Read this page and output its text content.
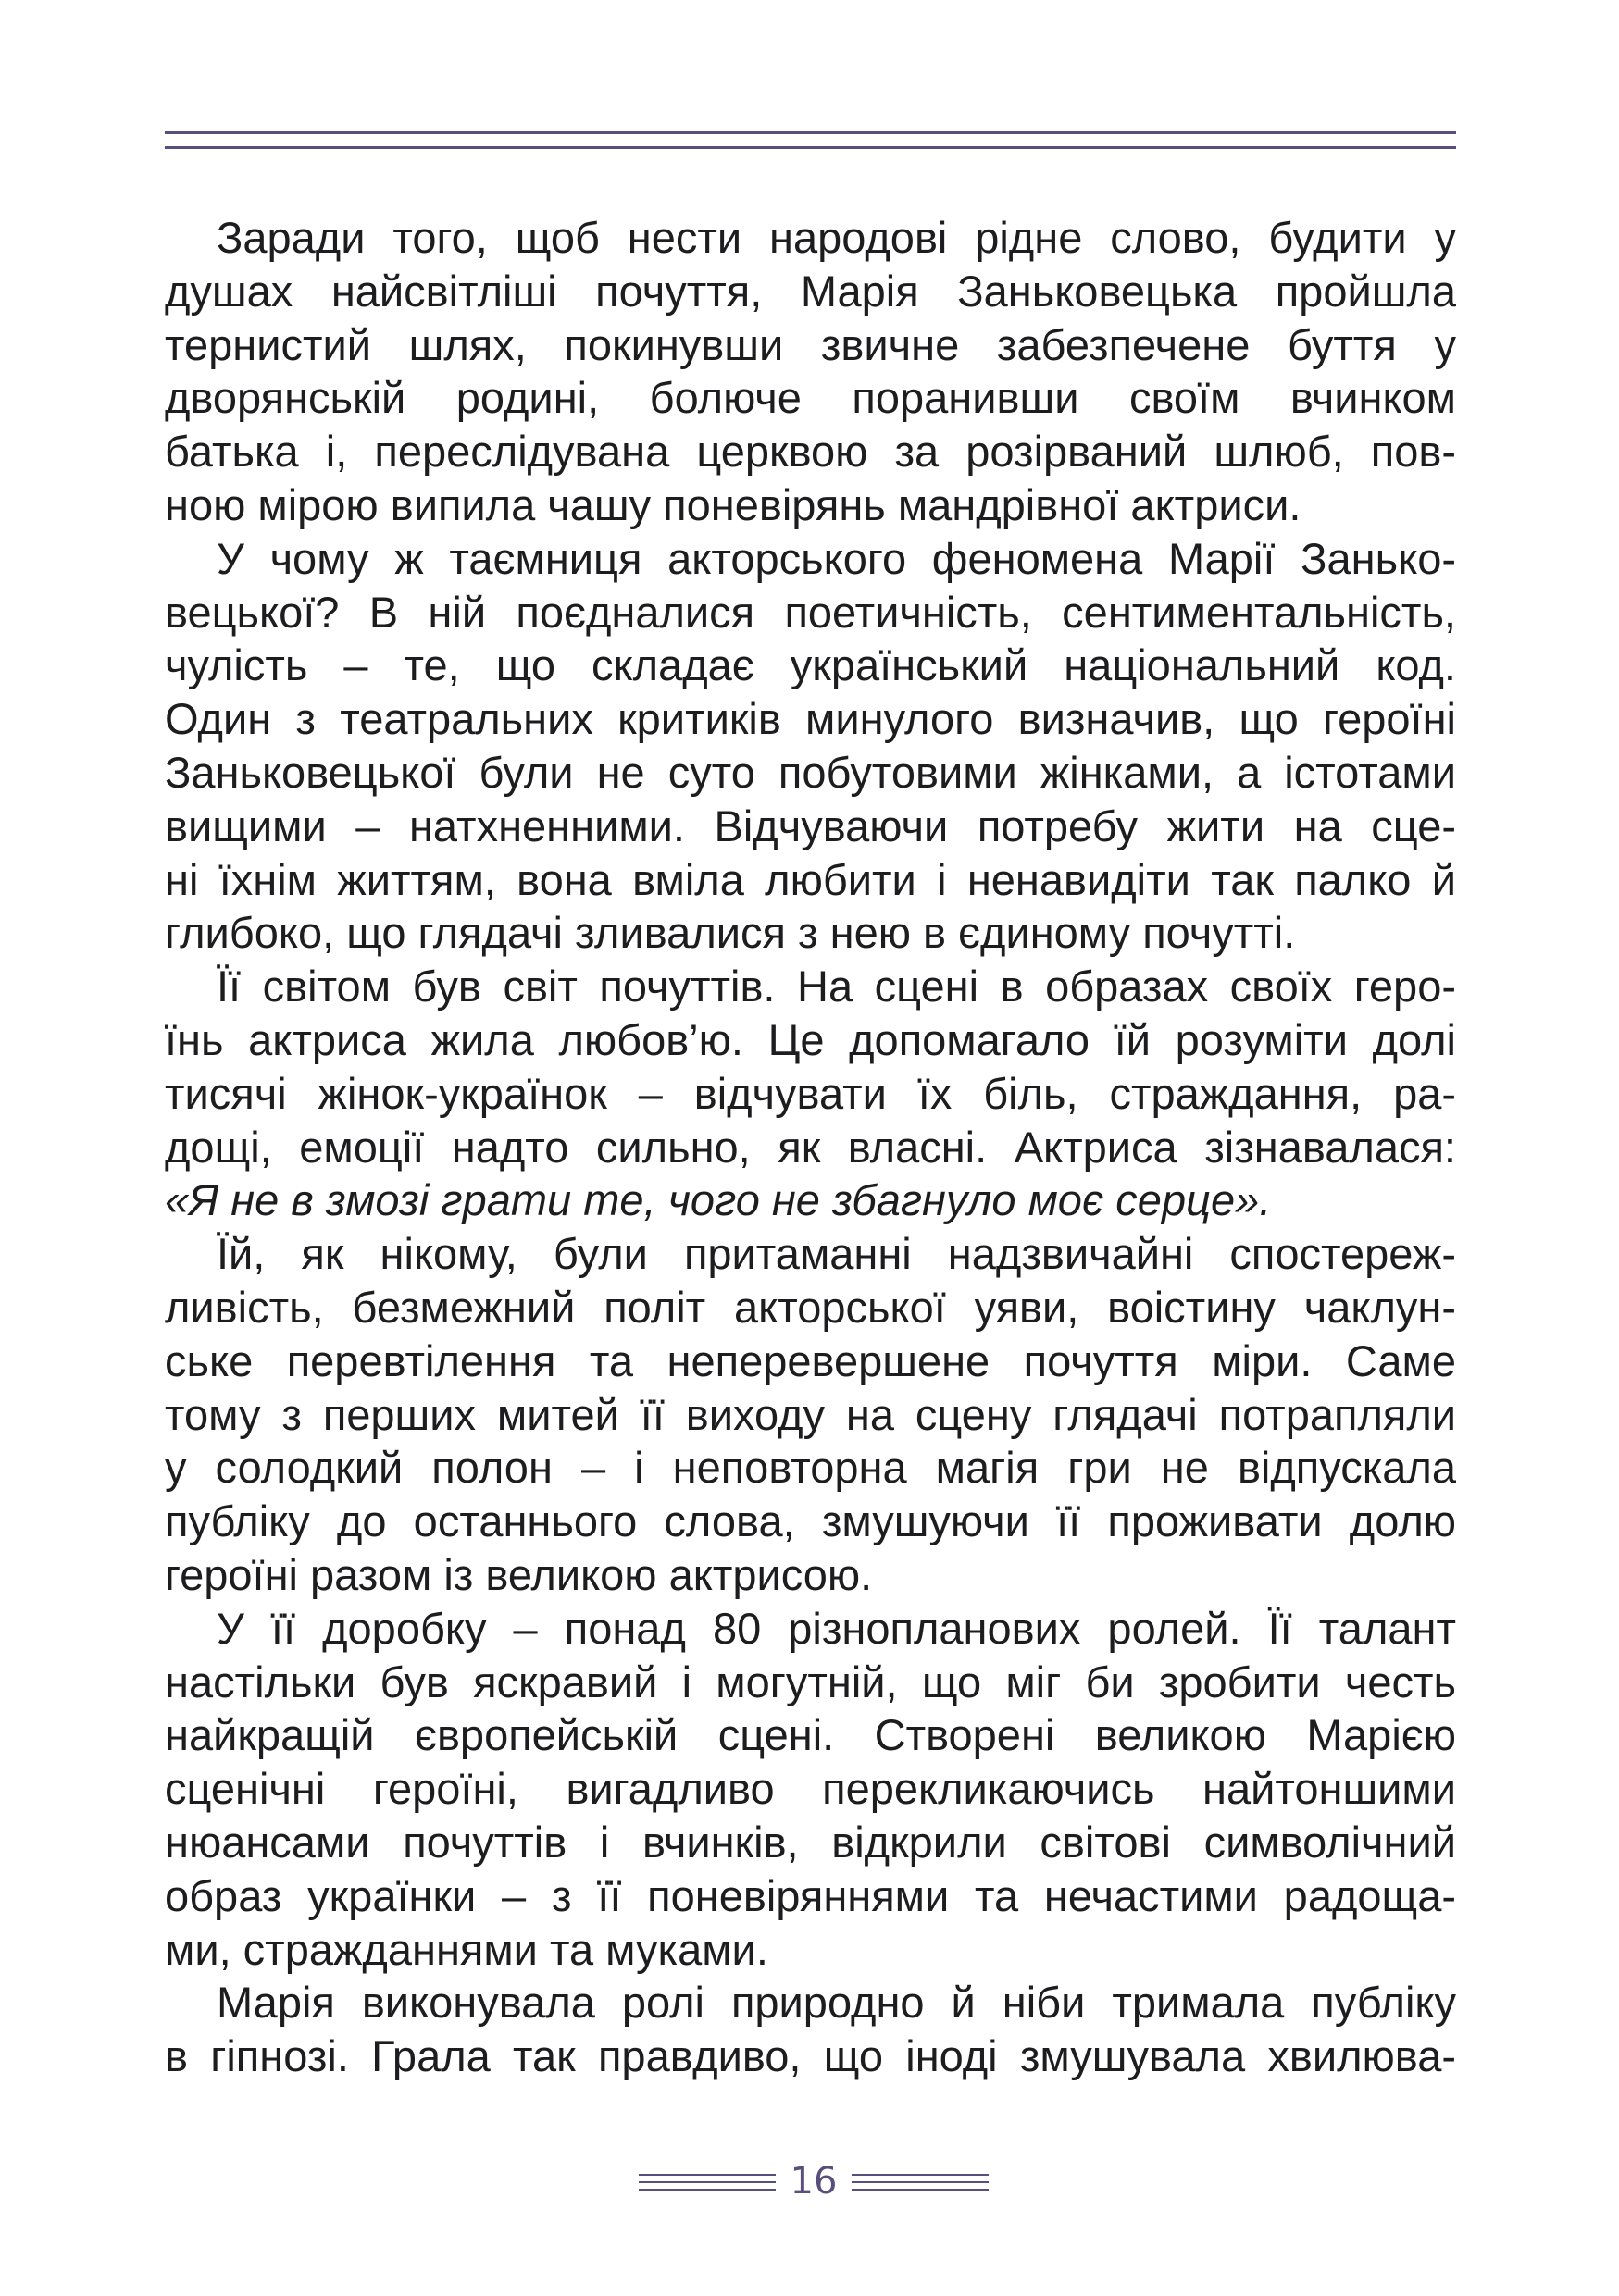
Заради того, щоб нести народові рідне слово, будити у
душах найсвітліші почуття, Марія Заньковецька пройшла
тернистий шлях, покинувши звичне забезпечене буття у
дворянській родині, болюче поранивши своїм вчинком
батька і, переслідувана церквою за розірваний шлюб, пов-
ною мірою випила чашу поневірянь мандрівної актриси.
У чому ж таємниця акторського феномена Марії Занько-
вецької? В ній поєдналися поетичність, сентиментальність,
чулість – те, що складає український національний код.
Один з театральних критиків минулого визначив, що героїні
Заньковецької були не суто побутовими жінками, а істотами
вищими – натхненними. Відчуваючи потребу жити на сце-
ні їхнім життям, вона вміла любити і ненавидіти так палко й
глибоко, що глядачі зливалися з нею в єдиному почутті.
Її світом був світ почуттів. На сцені в образах своїх геро-
їнь актриса жила любов’ю. Це допомагало їй розуміти долі
тисячі жінок-українок – відчувати їх біль, страждання, ра-
дощі, емоції надто сильно, як власні. Актриса зізнавалася:
«Я не в змозі грати те, чого не збагнуло моє серце».
Їй, як нікому, були притаманні надзвичайні спостереж-
ливість, безмежний політ акторської уяви, воістину чаклун-
ське перевтілення та неперевершене почуття міри. Саме
тому з перших митей її виходу на сцену глядачі потрапляли
у солодкий полон – і неповторна магія гри не відпускала
публіку до останнього слова, змушуючи її проживати долю
героїні разом із великою актрисою.
У її доробку – понад 80 різнопланових ролей. Її талант
настільки був яскравий і могутній, що міг би зробити честь
найкращій європейській сцені. Створені великою Марією
сценічні героїні, вигадливо перекликаючись найтоншими
нюансами почуттів і вчинків, відкрили світові символічний
образ українки – з її поневіряннями та нечастими радоща-
ми, стражданнями та муками.
Марія виконувала ролі природно й ніби тримала публіку
в гіпнозі. Грала так правдиво, що іноді змушувала хвилюва-
16
